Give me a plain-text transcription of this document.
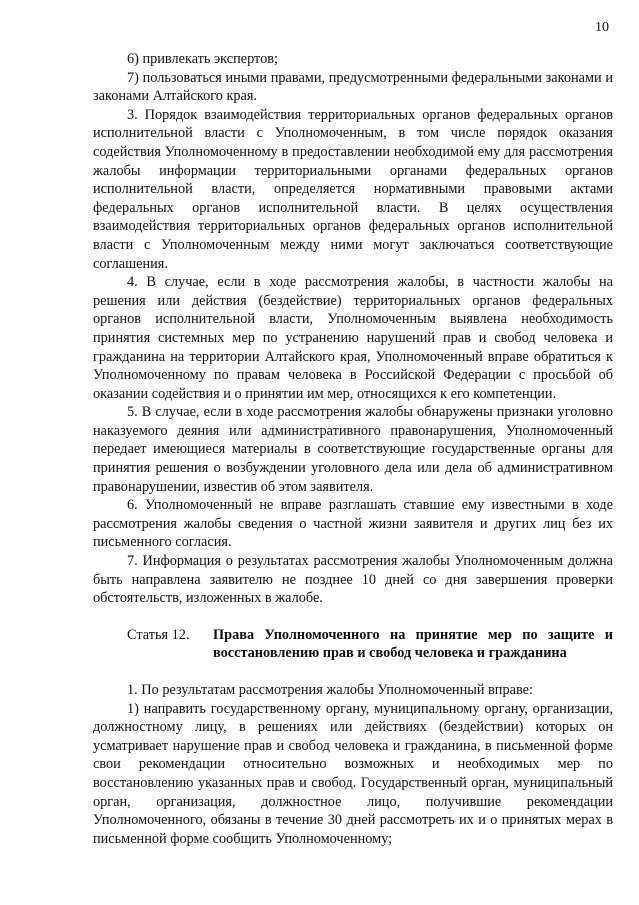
10

6) привлекать экспертов;

7) пользоваться иными правами, предусмотренными федеральными законами и законами Алтайского края.

3. Порядок взаимодействия территориальных органов федеральных органов исполнительной власти с Уполномоченным, в том числе порядок оказания содействия Уполномоченному в предоставлении необходимой ему для рассмотрения жалобы информации территориальными органами федеральных органов исполнительной власти, определяется нормативными правовыми актами федеральных органов исполнительной власти. В целях осуществления взаимодействия территориальных органов федеральных органов исполнительной власти с Уполномоченным между ними могут заключаться соответствующие соглашения.

4. В случае, если в ходе рассмотрения жалобы, в частности жалобы на решения или действия (бездействие) территориальных органов федеральных органов исполнительной власти, Уполномоченным выявлена необходимость принятия системных мер по устранению нарушений прав и свобод человека и гражданина на территории Алтайского края, Уполномоченный вправе обратиться к Уполномоченному по правам человека в Российской Федерации с просьбой об оказании содействия и о принятии им мер, относящихся к его компетенции.

5. В случае, если в ходе рассмотрения жалобы обнаружены признаки уголовно наказуемого деяния или административного правонарушения, Уполномоченный передает имеющиеся материалы в соответствующие государственные органы для принятия решения о возбуждении уголовного дела или дела об административном правонарушении, известив об этом заявителя.

6. Уполномоченный не вправе разглашать ставшие ему известными в ходе рассмотрения жалобы сведения о частной жизни заявителя и других лиц без их письменного согласия.

7. Информация о результатах рассмотрения жалобы Уполномоченным должна быть направлена заявителю не позднее 10 дней со дня завершения проверки обстоятельств, изложенных в жалобе.

Статья 12.	Права Уполномоченного на принятие мер по защите и восстановлению прав и свобод человека и гражданина

1. По результатам рассмотрения жалобы Уполномоченный вправе:

1) направить государственному органу, муниципальному органу, организации, должностному лицу, в решениях или действиях (бездействии) которых он усматривает нарушение прав и свобод человека и гражданина, в письменной форме свои рекомендации относительно возможных и необходимых мер по восстановлению указанных прав и свобод. Государственный орган, муниципальный орган, организация, должностное лицо, получившие рекомендации Уполномоченного, обязаны в течение 30 дней рассмотреть их и о принятых мерах в письменной форме сообщить Уполномоченному;
